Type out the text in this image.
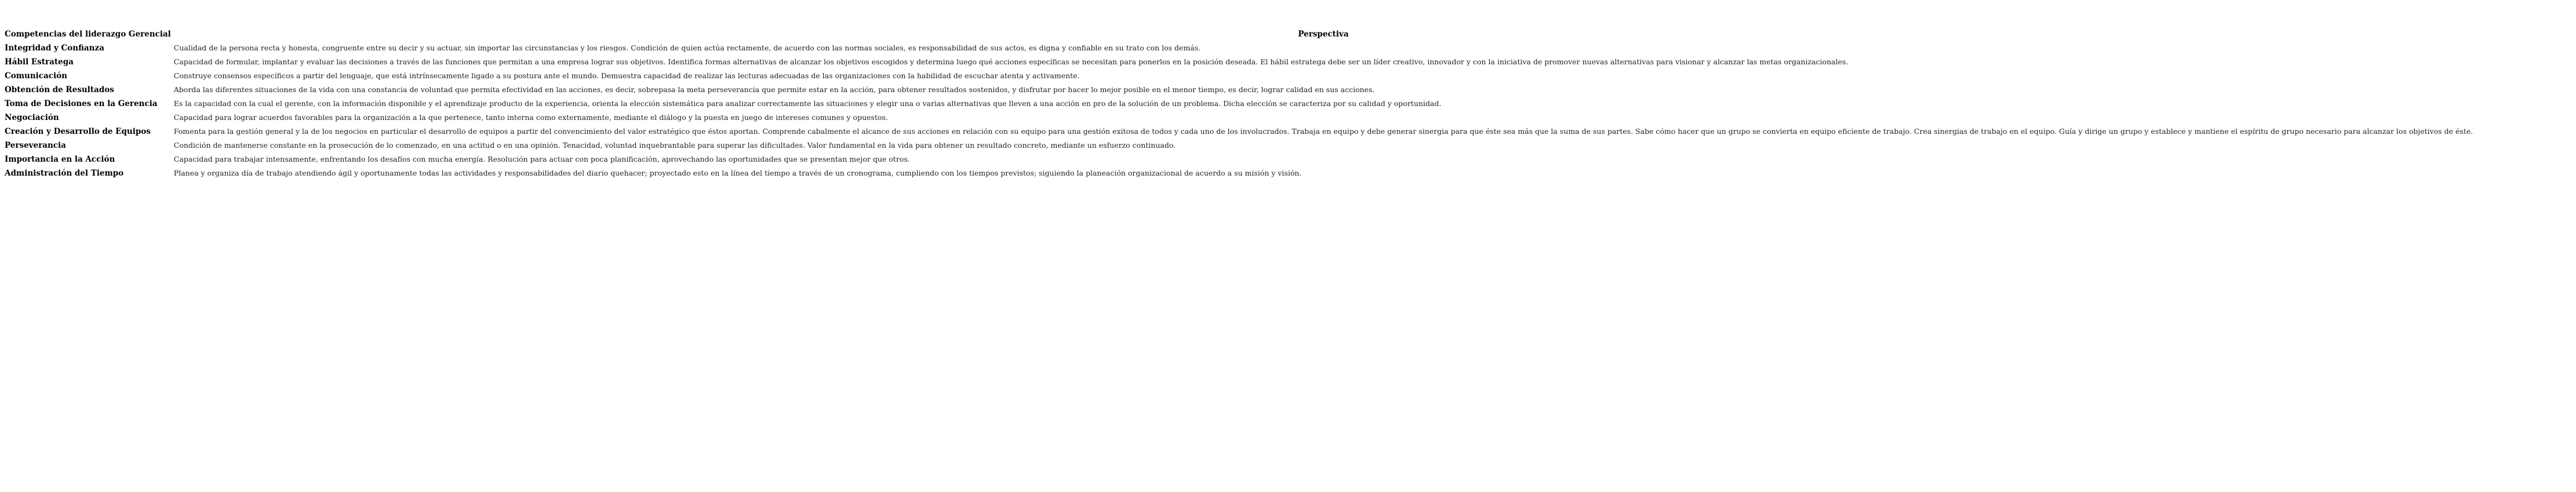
Competencias del liderazgo Gerencial	Perspectiva
Integridad y Confianza	Cualidad de la persona recta y honesta, congruente entre su decir y su actuar, sin importar las circunstancias y los riesgos. Condición de quien actúa rectamente, de acuerdo con las normas sociales, es responsabilidad de sus actos, es digna y confiable en su trato con los demás.
Hábil Estratega	Capacidad de formular, implantar y evaluar las decisiones a través de las funciones que permitan a una empresa lograr sus objetivos. Identifica formas alternativas de alcanzar los objetivos escogidos y determina luego qué acciones específicas se necesitan para ponerlos en la posición deseada. El hábil estratega debe ser un líder creativo, innovador y con la iniciativa de promover nuevas alternativas para visionar y alcanzar las metas organizacionales.
Comunicación	Construye consensos específicos a partir del lenguaje, que está intrínsecamente ligado a su postura ante el mundo. Demuestra capacidad de realizar las lecturas adecuadas de las organizaciones con la habilidad de escuchar atenta y activamente.
Obtención de Resultados	Aborda las diferentes situaciones de la vida con una constancia de voluntad que permita efectividad en las acciones, es decir, sobrepasa la meta perseverancia que permite estar en la acción, para obtener resultados sostenidos, y disfrutar por hacer lo mejor posible en el menor tiempo, es decir, lograr calidad en sus acciones.
Toma de Decisiones en la Gerencia	Es la capacidad con la cual el gerente, con la información disponible y el aprendizaje producto de la experiencia, orienta la elección sistemática para analizar correctamente las situaciones y elegir una o varias alternativas que lleven a una acción en pro de la solución de un problema. Dicha elección se caracteriza por su calidad y oportunidad.
Negociación	Capacidad para lograr acuerdos favorables para la organización a la que pertenece, tanto interna como externamente, mediante el diálogo y la puesta en juego de intereses comunes y opuestos.
Creación y Desarrollo de Equipos	Fomenta para la gestión general y la de los negocios en particular el desarrollo de equipos a partir del convencimiento del valor estratégico que éstos aportan. Comprende cabalmente el alcance de sus acciones en relación con su equipo para una gestión exitosa de todos y cada uno de los involucrados. Trabaja en equipo y debe generar sinergia para que éste sea más que la suma de sus partes. Sabe cómo hacer que un grupo se convierta en equipo eficiente de trabajo. Crea sinergias de trabajo en el equipo. Guía y dirige un grupo y establece y mantiene el espíritu de grupo necesario para alcanzar los objetivos de éste.
Perseverancia	Condición de mantenerse constante en la prosecución de lo comenzado, en una actitud o en una opinión. Tenacidad, voluntad inquebrantable para superar las dificultades. Valor fundamental en la vida para obtener un resultado concreto, mediante un esfuerzo continuado.
Importancia en la Acción	Capacidad para trabajar intensamente, enfrentando los desafíos con mucha energía. Resolución para actuar con poca planificación, aprovechando las oportunidades que se presentan mejor que otros.
Administración del Tiempo	Planea y organiza día de trabajo atendiendo ágil y oportunamente todas las actividades y responsabilidades del diario quehacer; proyectado esto en la línea del tiempo a través de un cronograma, cumpliendo con los tiempos previstos; siguiendo la planeación organizacional de acuerdo a su misión y visión.
